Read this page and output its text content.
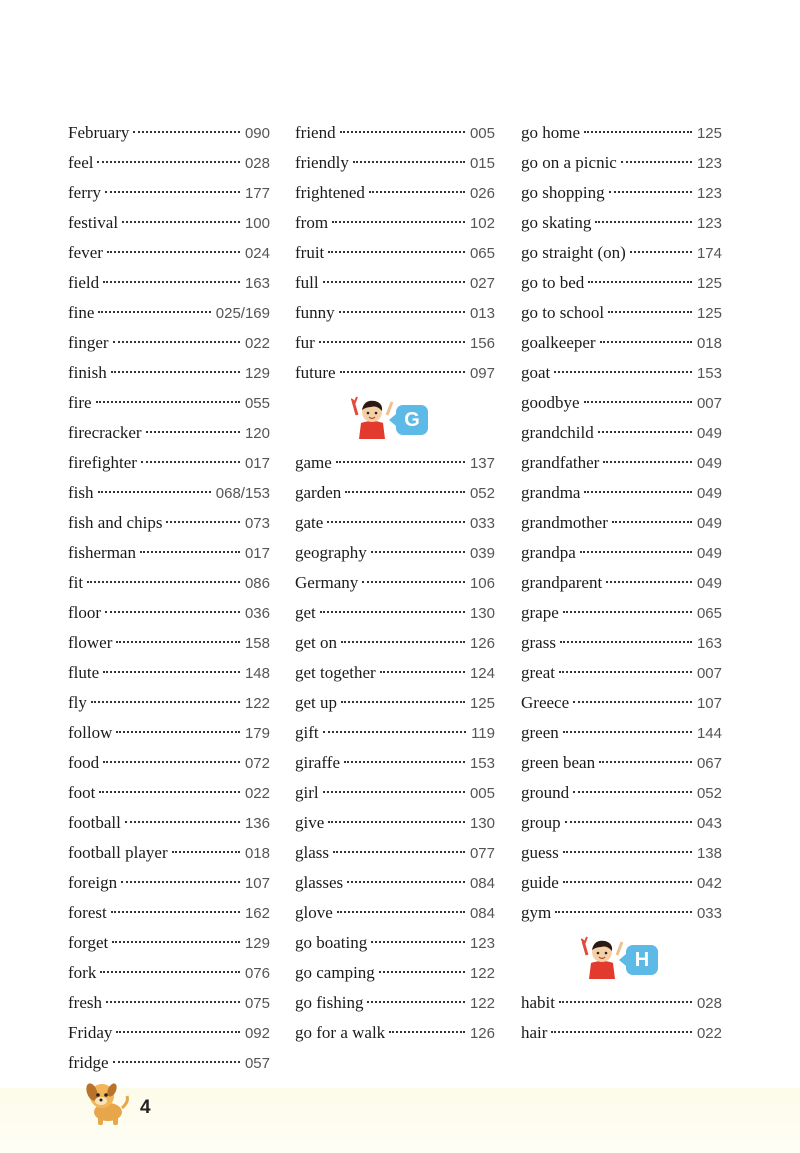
February	090
feel	028
ferry	177
festival	100
fever	024
field	163
fine	025/169
finger	022
finish	129
fire	055
firecracker	120
firefighter	017
fish	068/153
fish and chips	073
fisherman	017
fit	086
floor	036
flower	158
flute	148
fly	122
follow	179
food	072
foot	022
football	136
football player	018
foreign	107
forest	162
forget	129
fork	076
fresh	075
Friday	092
fridge	057
friend	005
friendly	015
frightened	026
from	102
fruit	065
full	027
funny	013
fur	156
future	097
G
game	137
garden	052
gate	033
geography	039
Germany	106
get	130
get on	126
get together	124
get up	125
gift	119
giraffe	153
girl	005
give	130
glass	077
glasses	084
glove	084
go boating	123
go camping	122
go fishing	122
go for a walk	126
go home	125
go on a picnic	123
go shopping	123
go skating	123
go straight (on)	174
go to bed	125
go to school	125
goalkeeper	018
goat	153
goodbye	007
grandchild	049
grandfather	049
grandma	049
grandmother	049
grandpa	049
grandparent	049
grape	065
grass	163
great	007
Greece	107
green	144
green bean	067
ground	052
group	043
guess	138
guide	042
gym	033
H
habit	028
hair	022
4
